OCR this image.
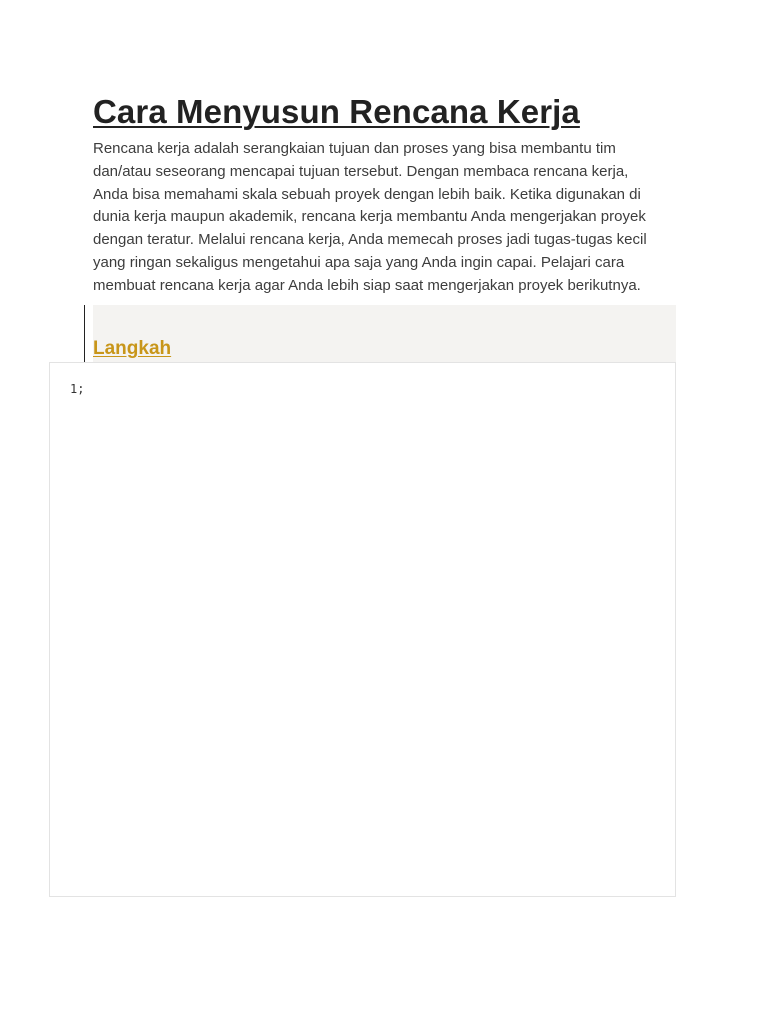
Cara Menyusun Rencana Kerja

Rencana kerja adalah serangkaian tujuan dan proses yang bisa membantu tim
dan/atau seseorang mencapai tujuan tersebut. Dengan membaca rencana kerja,
Anda bisa memahami skala sebuah proyek dengan lebih baik. Ketika digunakan di
dunia kerja maupun akademik, rencana kerja membantu Anda mengerjakan proyek
dengan teratur. Melalui rencana kerja, Anda memecah proses jadi tugas-tugas kecil
yang ringan sekaligus mengetahui apa saja yang Anda ingin capai. Pelajari cara
membuat rencana kerja agar Anda lebih siap saat mengerjakan proyek berikutnya.

Langkah
1;
